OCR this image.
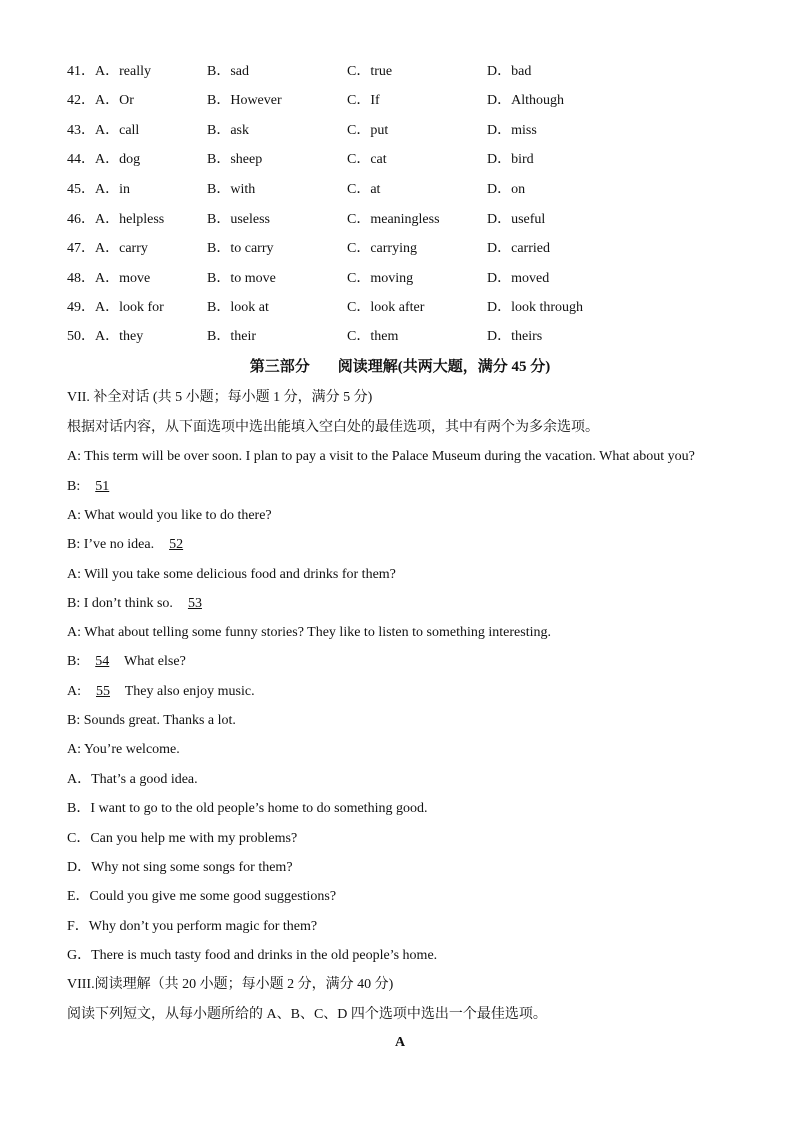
41．A．really	B．sad	C．true	D．bad
42．A．Or	B．However	C．If	D．Although
43．A．call	B．ask	C．put	D．miss
44．A．dog	B．sheep	C．cat	D．bird
45．A．in	B．with	C．at	D．on
46．A．helpless	B．useless	C．meaningless	D．useful
47．A．carry	B．to carry	C．carrying	D．carried
48．A．move	B．to move	C．moving	D．moved
49．A．look for	B．look at	C．look after	D．look through
50．A．they	B．their	C．them	D．theirs
第三部分 阅读理解(共两大题，满分 45 分)
VII. 补全对话 (共 5 小题；每小题 1 分，满分 5 分)
根据对话内容，从下面选项中选出能填入空白处的最佳选项，其中有两个为多余选项。
A: This term will be over soon. I plan to pay a visit to the Palace Museum during the vacation. What about you?
B: 51
A: What would you like to do there?
B: I’ve no idea. 52
A: Will you take some delicious food and drinks for them?
B: I don’t think so. 53
A: What about telling some funny stories? They like to listen to something interesting.
B: 54 What else?
A: 55 They also enjoy music.
B: Sounds great. Thanks a lot.
A: You’re welcome.
A．That’s a good idea.
B．I want to go to the old people’s home to do something good.
C．Can you help me with my problems?
D．Why not sing some songs for them?
E．Could you give me some good suggestions?
F．Why don’t you perform magic for them?
G．There is much tasty food and drinks in the old people’s home.
VIII.阅读理解（共 20 小题；每小题 2 分，满分 40 分)
阅读下列短文，从每小题所给的 A、B、C、D 四个选项中选出一个最佳选项。
A
